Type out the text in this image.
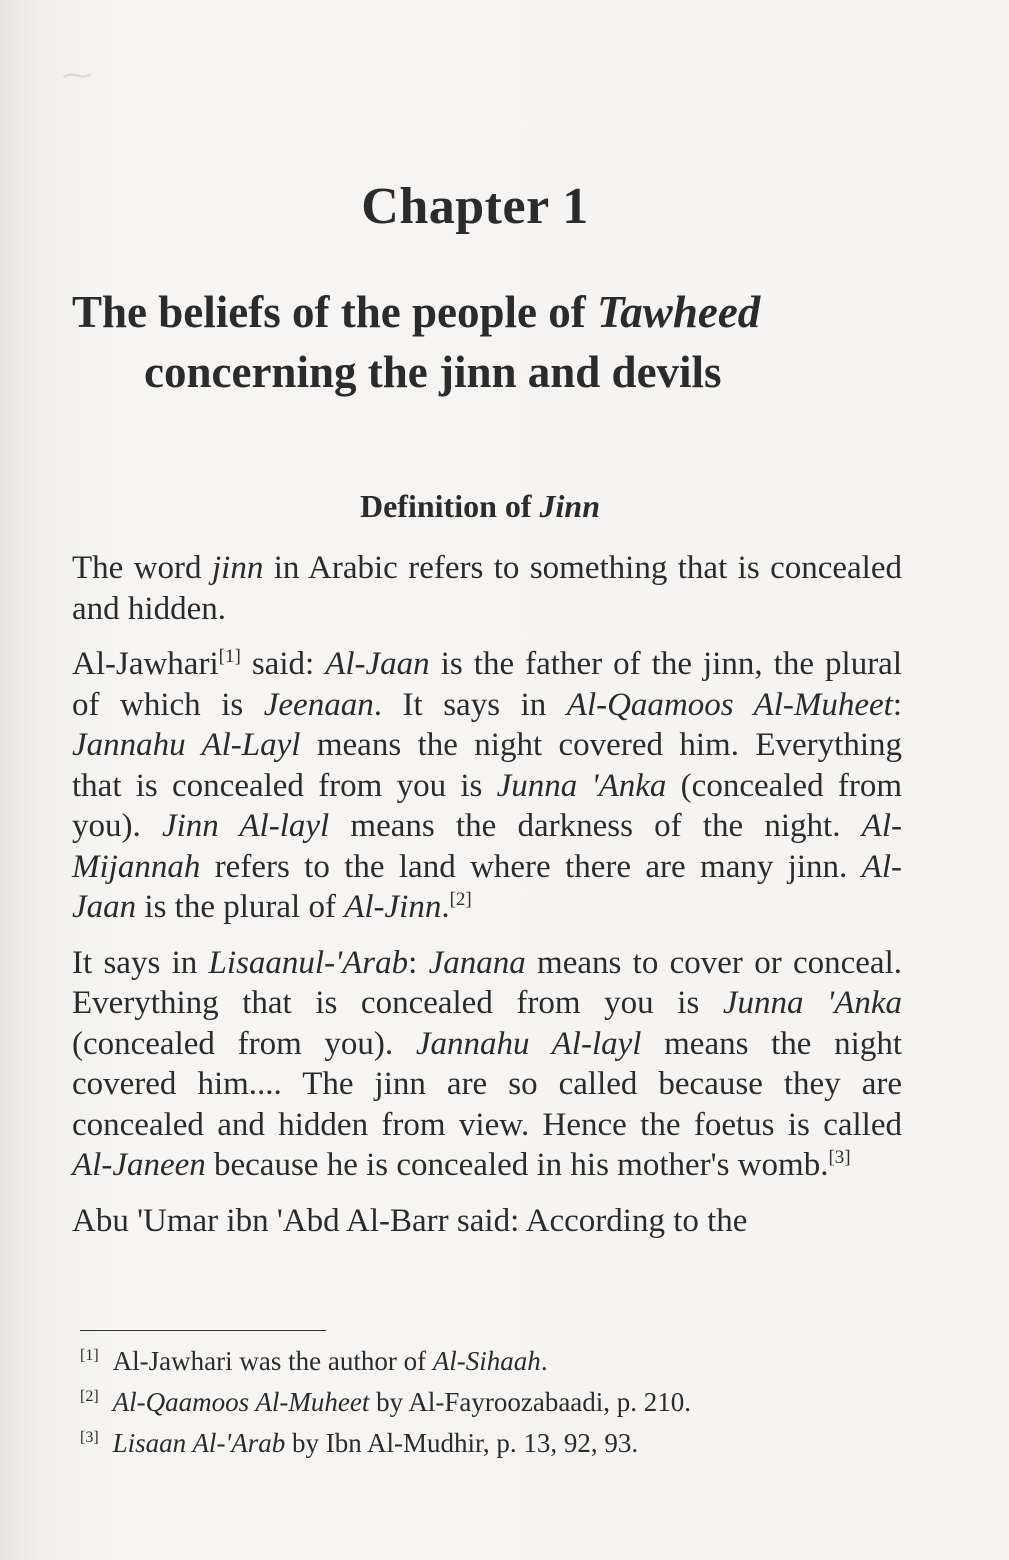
⁓
Chapter 1
The beliefs of the people of Tawheed
concerning the jinn and devils
Definition of Jinn

The word jinn in Arabic refers to something that is concealed and hidden.

Al-Jawhari[1] said: Al-Jaan is the father of the jinn, the plural of which is Jeenaan. It says in Al-Qaamoos Al-Muheet: Jannahu Al-Layl means the night covered him. Everything that is concealed from you is Junna 'Anka (concealed from you). Jinn Al-layl means the darkness of the night. Al-Mijannah refers to the land where there are many jinn. Al-Jaan is the plural of Al-Jinn.[2]

It says in Lisaanul-'Arab: Janana means to cover or conceal. Everything that is concealed from you is Junna 'Anka (concealed from you). Jannahu Al-layl means the night covered him.... The jinn are so called because they are concealed and hidden from view. Hence the foetus is called Al-Janeen because he is concealed in his mother's womb.[3]

Abu 'Umar ibn 'Abd Al-Barr said: According to the

[1] Al-Jawhari was the author of Al-Sihaah.

[2] Al-Qaamoos Al-Muheet by Al-Fayroozabaadi, p. 210.

[3] Lisaan Al-'Arab by Ibn Al-Mudhir, p. 13, 92, 93.
